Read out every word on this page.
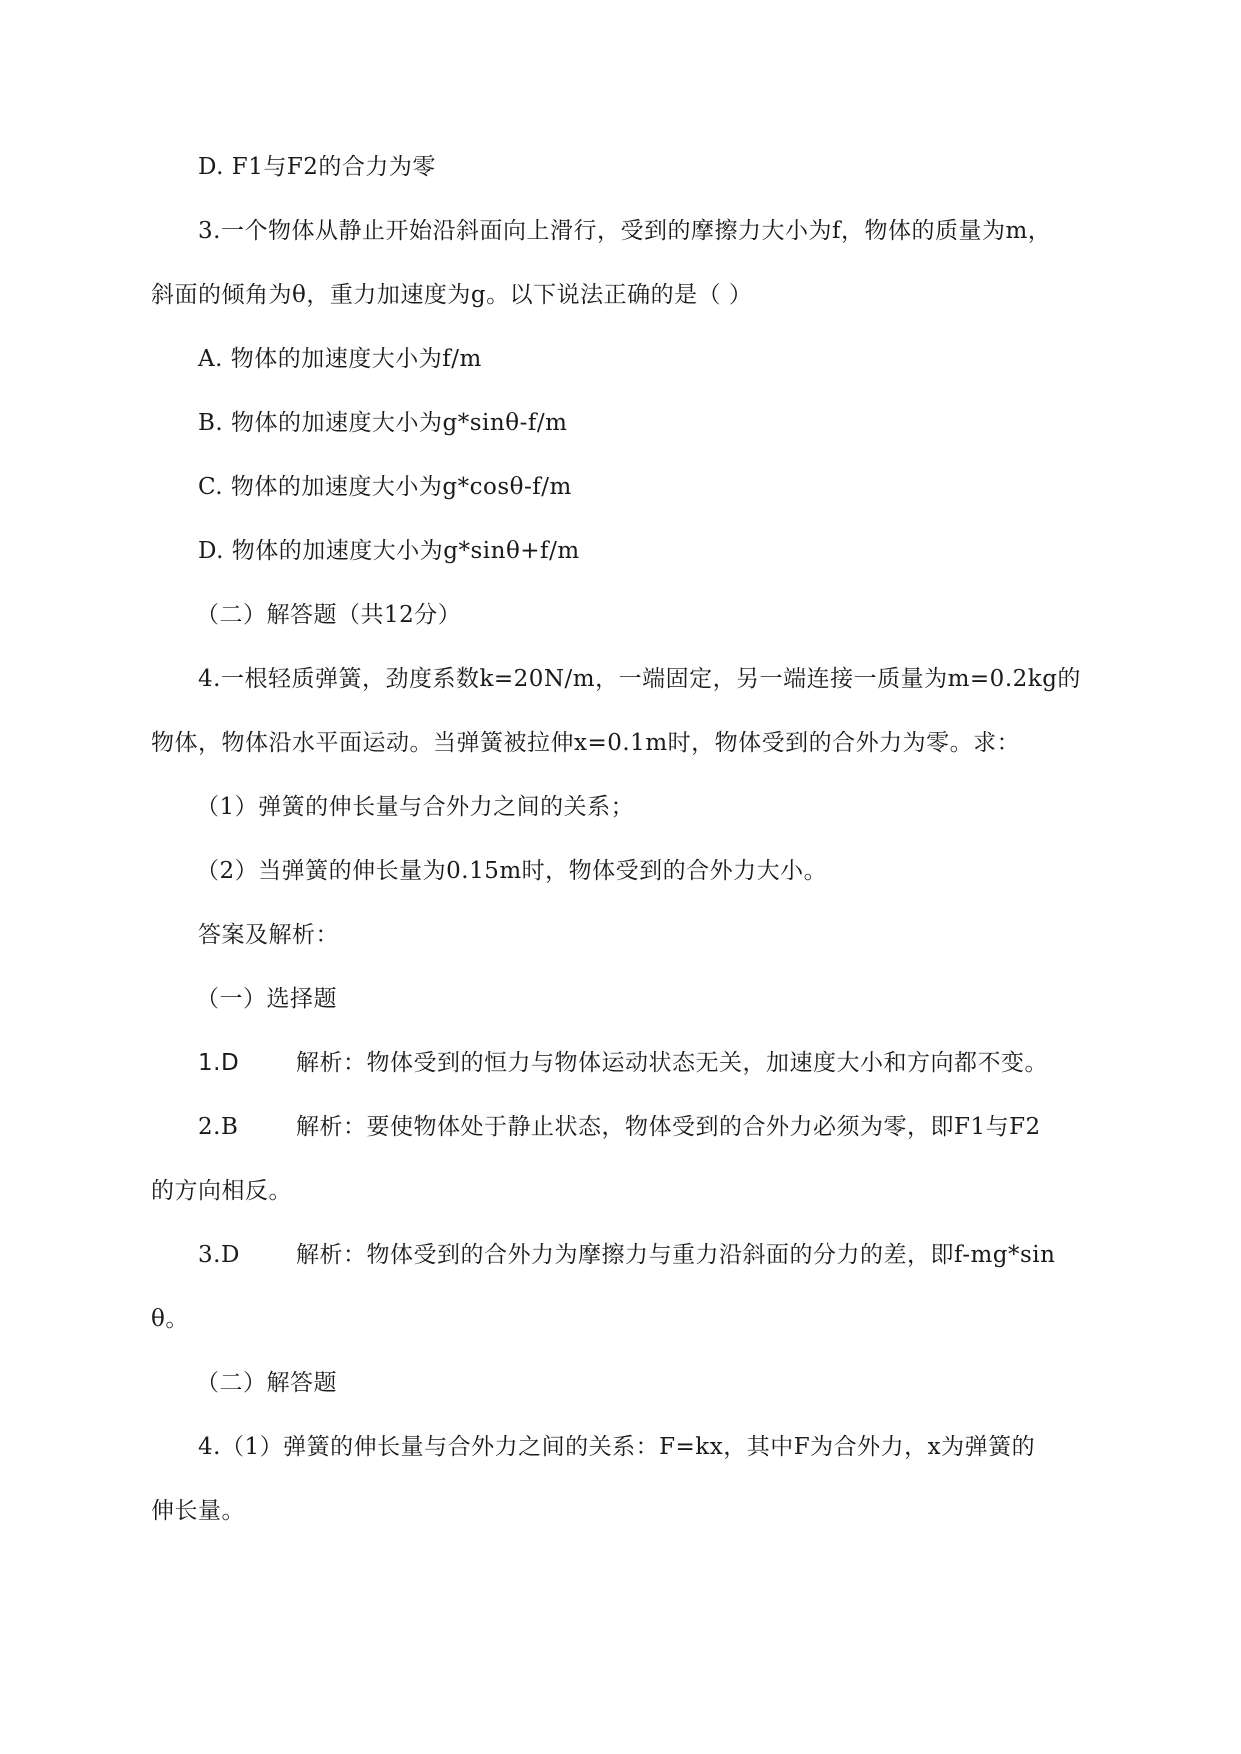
D. F1与F2的合力为零

3.一个物体从静止开始沿斜面向上滑行，受到的摩擦力大小为f，物体的质量为m，

斜面的倾角为θ，重力加速度为g。以下说法正确的是（ ）

A. 物体的加速度大小为f/m

B. 物体的加速度大小为g*sinθ-f/m

C. 物体的加速度大小为g*cosθ-f/m

D. 物体的加速度大小为g*sinθ+f/m

（二）解答题（共12分）

4.一根轻质弹簧，劲度系数k=20N/m，一端固定，另一端连接一质量为m=0.2kg的

物体，物体沿水平面运动。当弹簧被拉伸x=0.1m时，物体受到的合外力为零。求：

（1）弹簧的伸长量与合外力之间的关系；

（2）当弹簧的伸长量为0.15m时，物体受到的合外力大小。

答案及解析：

（一）选择题

1.D 解析：物体受到的恒力与物体运动状态无关，加速度大小和方向都不变。

2.B	解析：要使物体处于静止状态，物体受到的合外力必须为零，即F1与F2

的方向相反。

3.D 解析：物体受到的合外力为摩擦力与重力沿斜面的分力的差，即f-mg*sin

θ。

（二）解答题

4.（1）弹簧的伸长量与合外力之间的关系：F=kx，其中F为合外力，x为弹簧的

伸长量。
